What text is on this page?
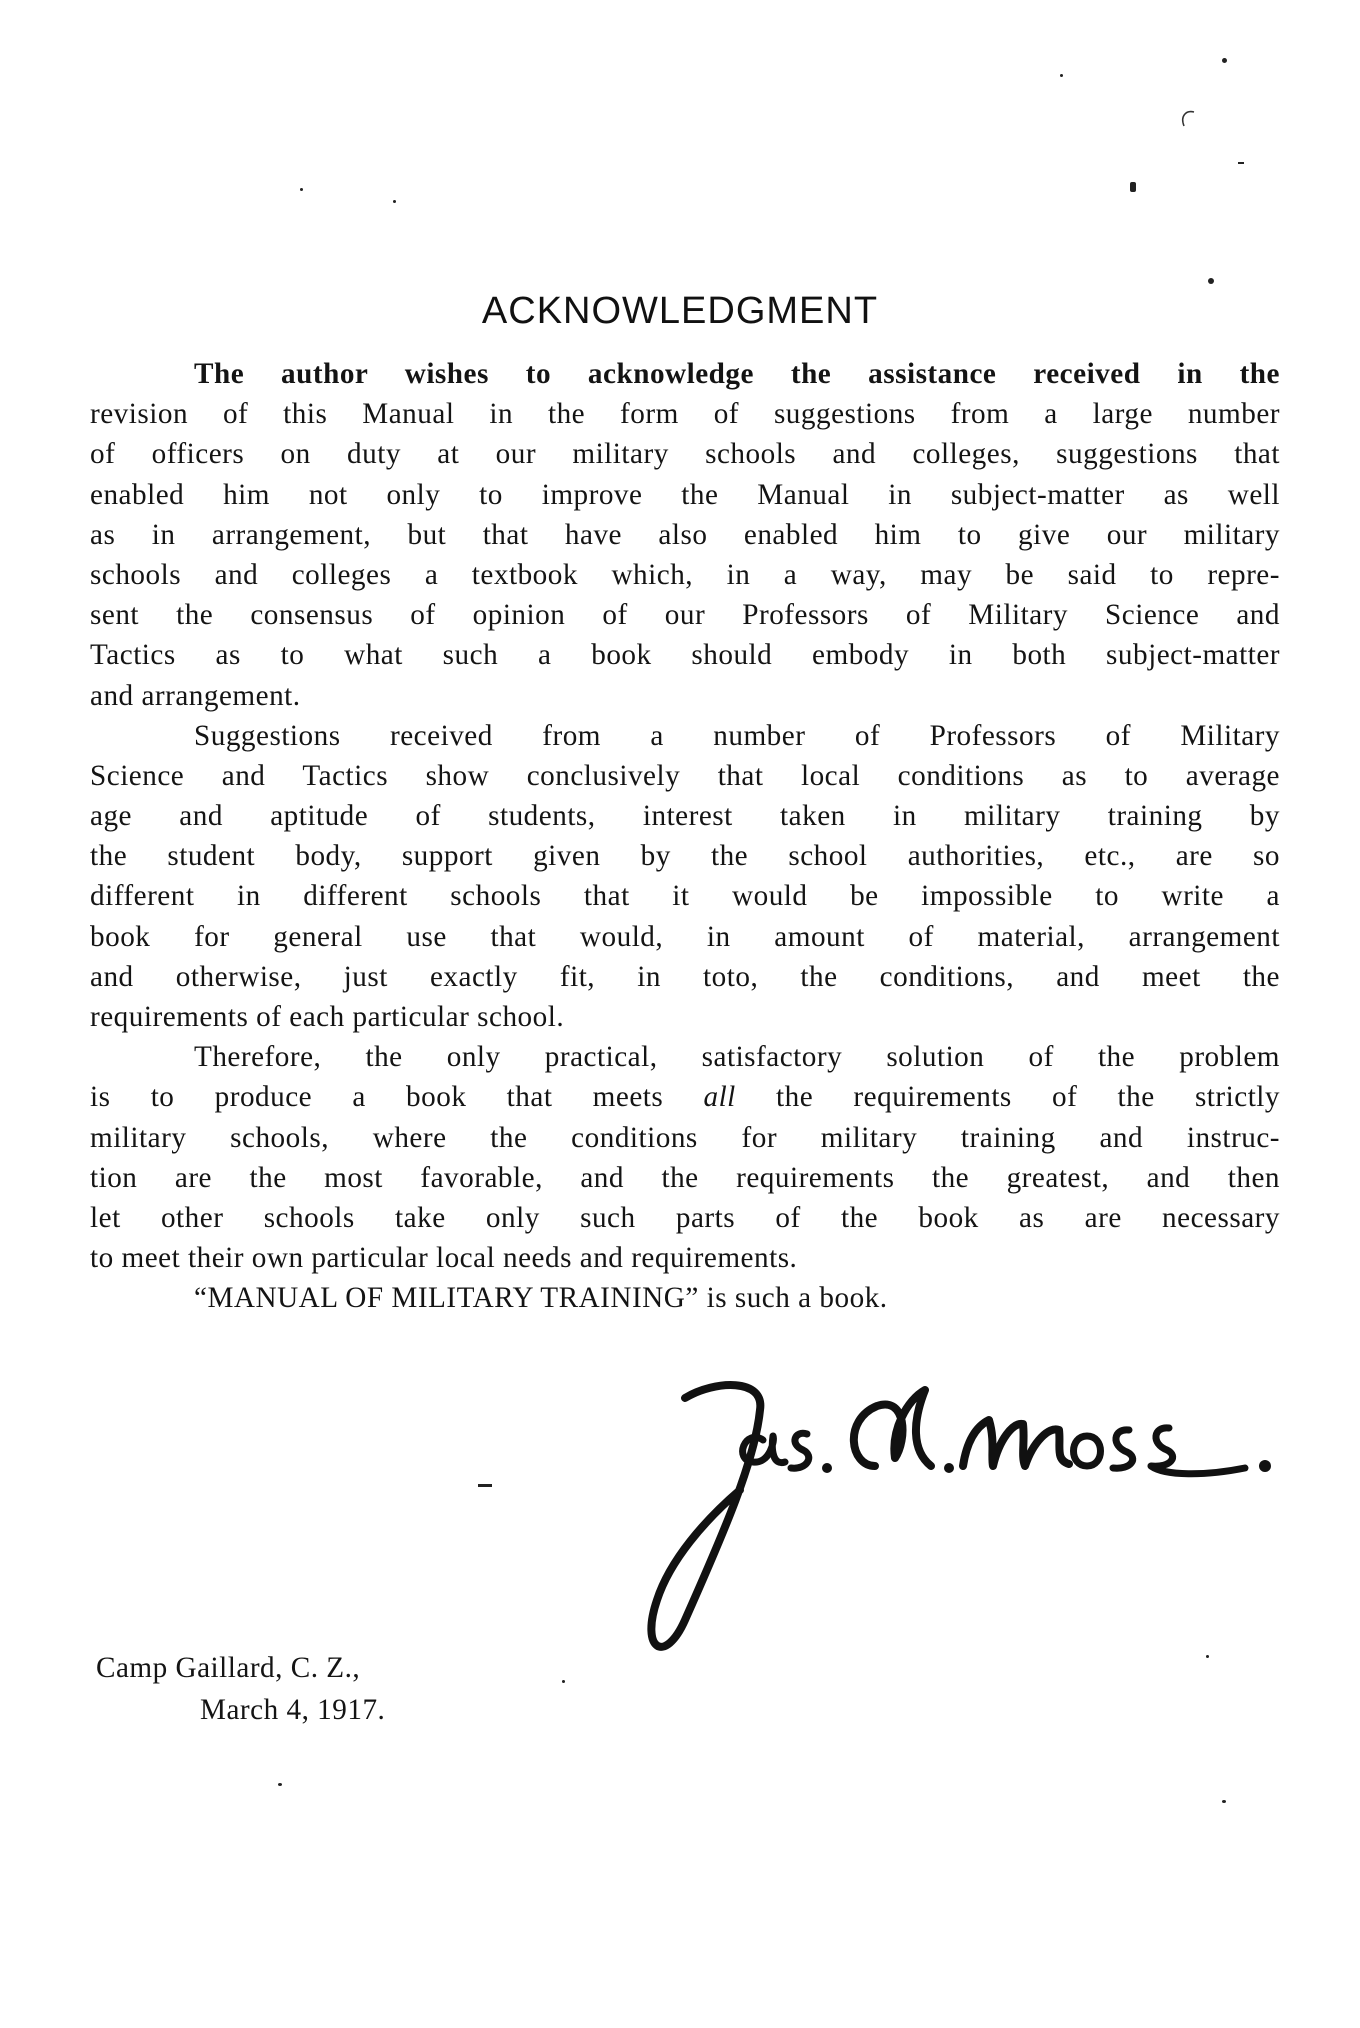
ACKNOWLEDGMENT
The author wishes to acknowledge the assistance received in the
revision of this Manual in the form of suggestions from a large number
of officers on duty at our military schools and colleges, suggestions that
enabled him not only to improve the Manual in subject-matter as well
as in arrangement, but that have also enabled him to give our military
schools and colleges a textbook which, in a way, may be said to repre-
sent the consensus of opinion of our Professors of Military Science and
Tactics as to what such a book should embody in both subject-matter
and arrangement.
Suggestions received from a number of Professors of Military
Science and Tactics show conclusively that local conditions as to average
age and aptitude of students, interest taken in military training by
the student body, support given by the school authorities, etc., are so
different in different schools that it would be impossible to write a
book for general use that would, in amount of material, arrangement
and otherwise, just exactly fit, in toto, the conditions, and meet the
requirements of each particular school.
Therefore, the only practical, satisfactory solution of the problem
is to produce a book that meets all the requirements of the strictly
military schools, where the conditions for military training and instruc-
tion are the most favorable, and the requirements the greatest, and then
let other schools take only such parts of the book as are necessary
to meet their own particular local needs and requirements.
“MANUAL OF MILITARY TRAINING” is such a book.
Camp Gaillard, C. Z.,
March 4, 1917.
